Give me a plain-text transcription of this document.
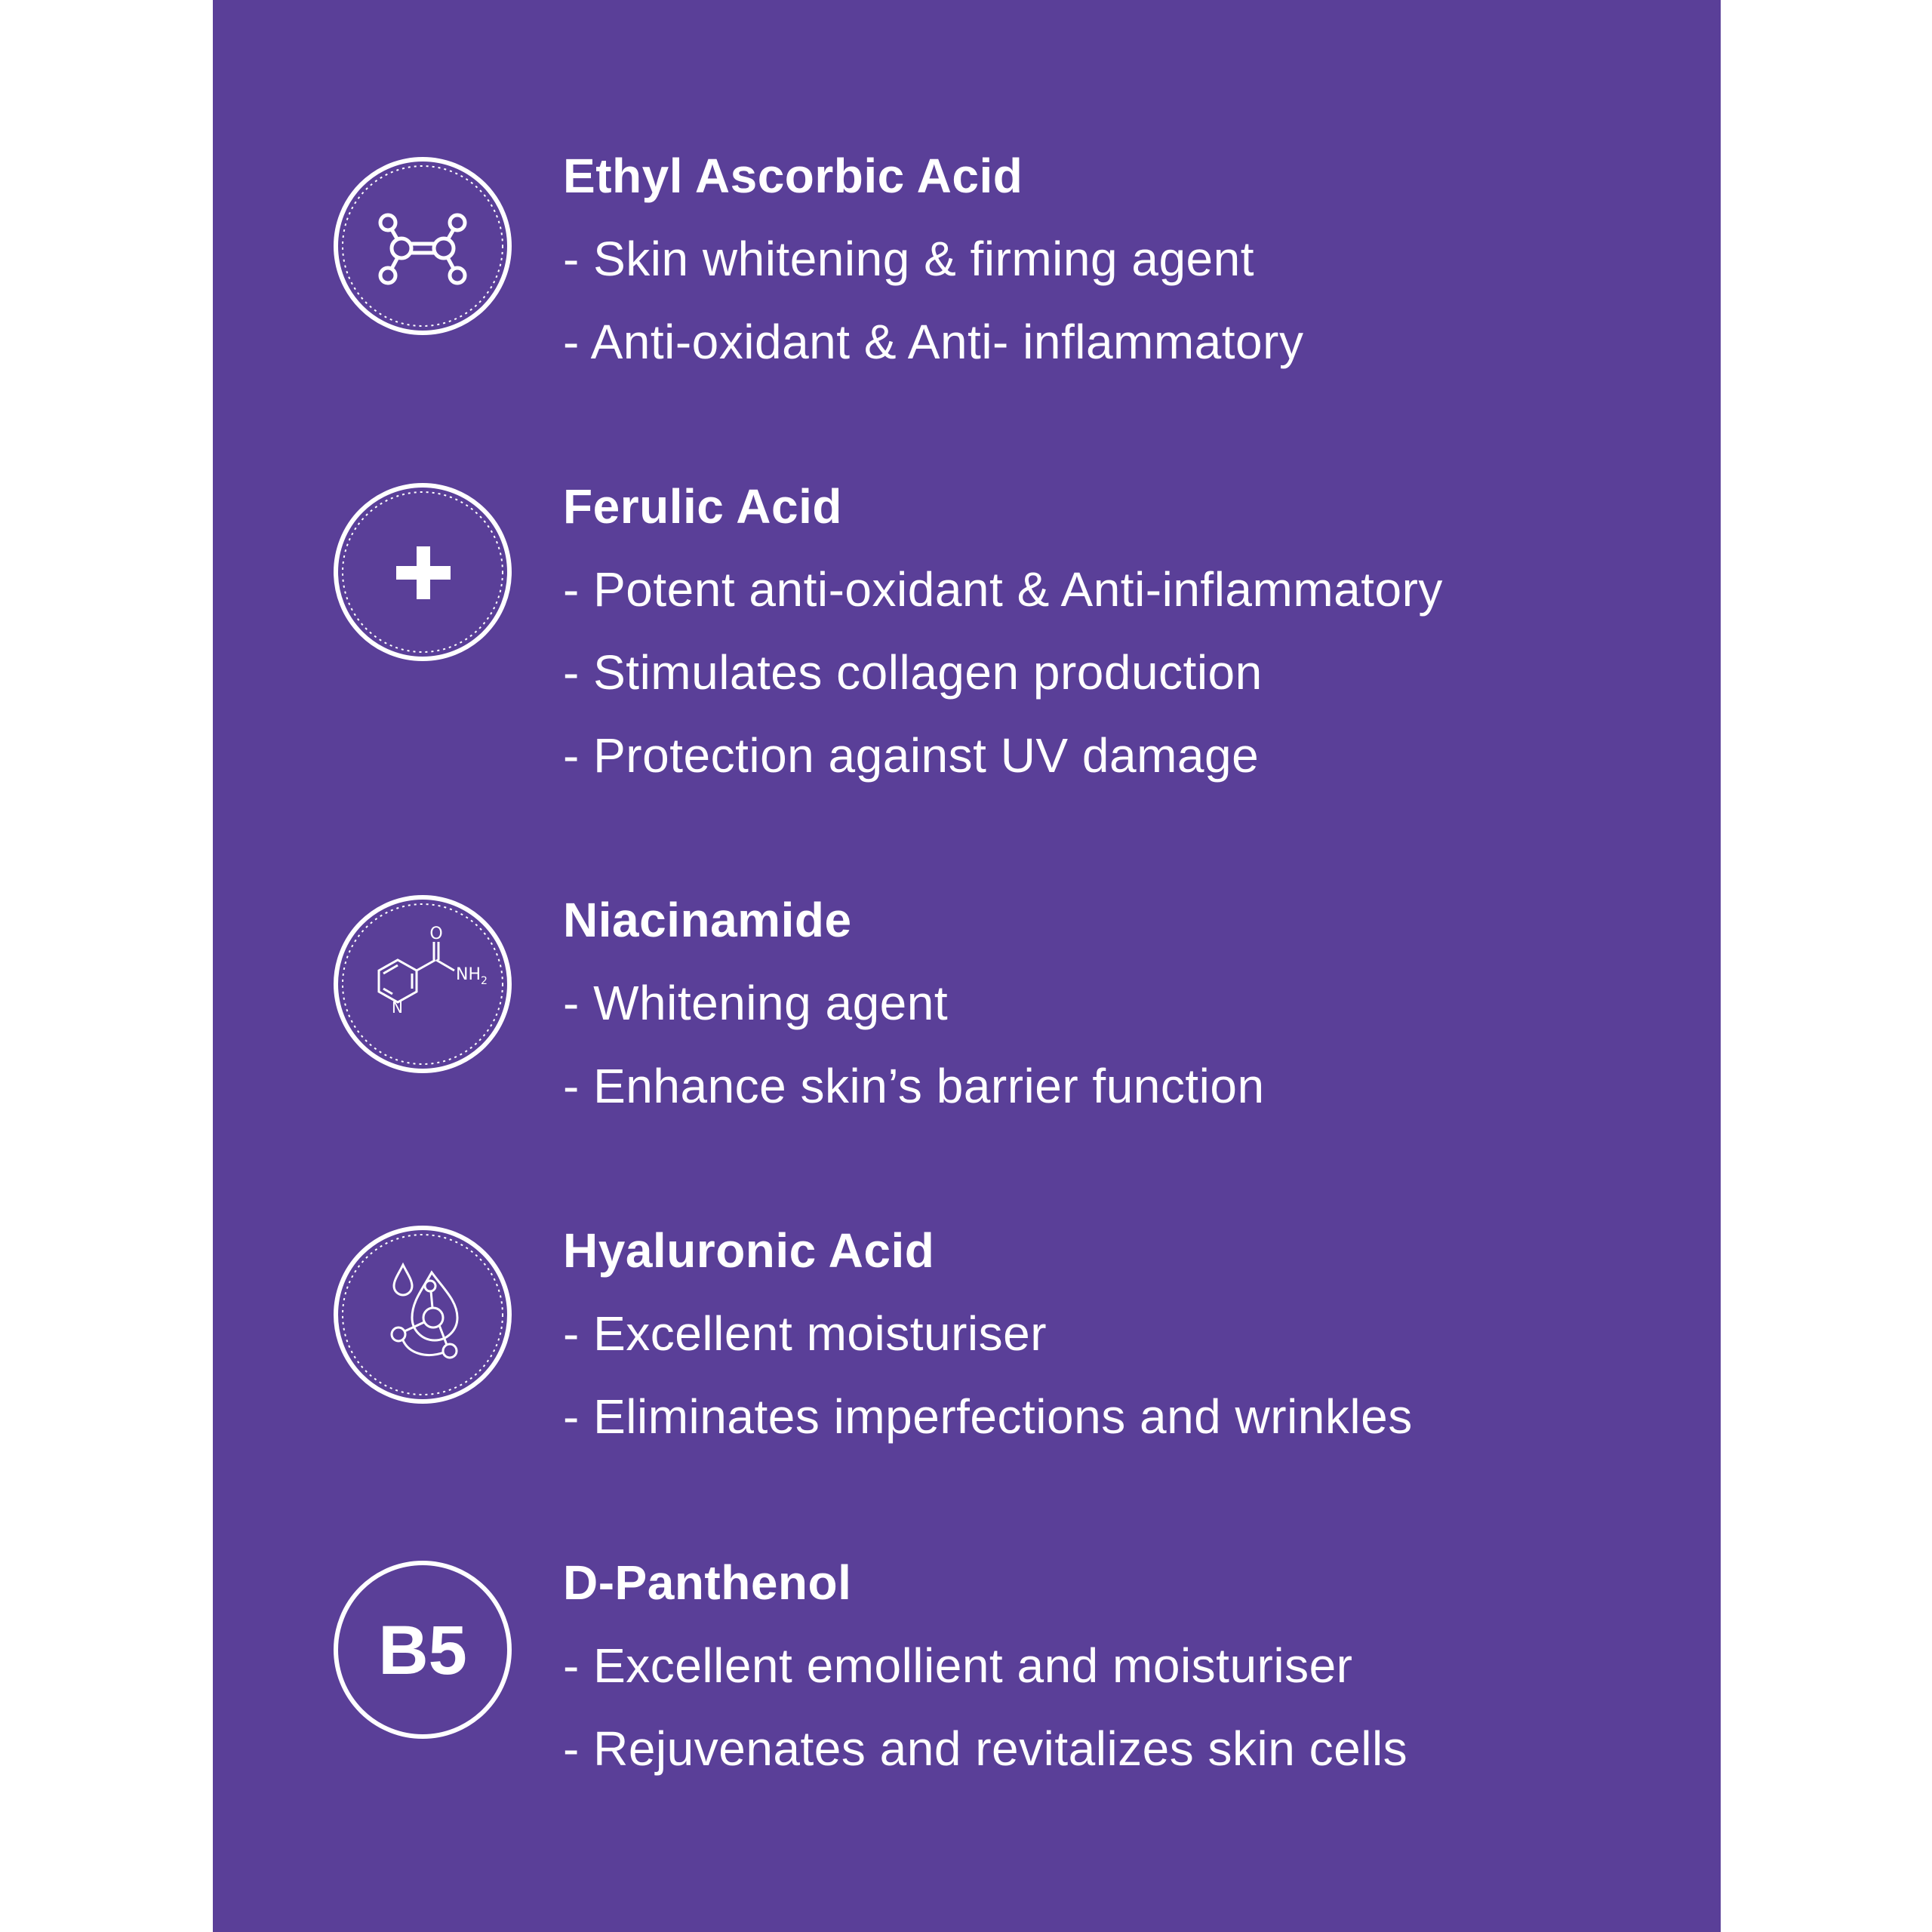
Ethyl Ascorbic Acid
- Skin whitening & firming agent
- Anti-oxidant & Anti- inflammatory
Ferulic Acid
- Potent anti-oxidant & Anti-inflammatory
- Stimulates collagen production
- Protection against UV damage
O
NH 2
N
Niacinamide
- Whitening agent
- Enhance skin’s barrier function
Hyaluronic Acid
- Excellent moisturiser
- Eliminates imperfections and wrinkles
B5
D-Panthenol
- Excellent emollient and moisturiser
- Rejuvenates and revitalizes skin cells
